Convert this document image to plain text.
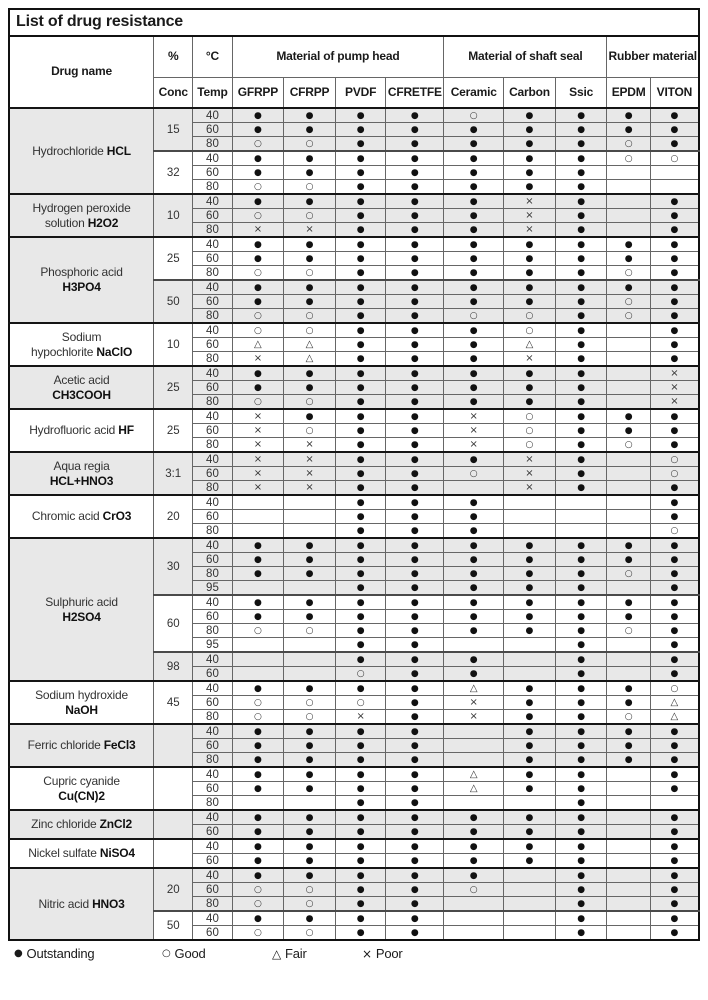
List of drug resistance											
Drug name	%	°C	Material of pump head				Material of shaft seal			Rubber material	
	Conc	Temp	GFRPP	CFRPP	PVDF	CFRETFE	Ceramic	Carbon	Ssic	EPDM	VITON
Hydrochloride HCL	15	40	●	●	●	●	○	●	●	●	●
		60	●	●	●	●	●	●	●	●	●
		80	○	○	●	●	●	●	●	○	●
	32	40	●	●	●	●	●	●	●	○	○
		60	●	●	●	●	●	●	●		
		80	○	○	●	●	●	●	●		
Hydrogen peroxide
solution H2O2	10	40	●	●	●	●	●	×	●		●
		60	○	○	●	●	●	×	●		●
		80	×	×	●	●	●	×	●		●
Phosphoric acid
H3PO4	25	40	●	●	●	●	●	●	●	●	●
		60	●	●	●	●	●	●	●	●	●
		80	○	○	●	●	●	●	●	○	●
	50	40	●	●	●	●	●	●	●	●	●
		60	●	●	●	●	●	●	●	○	●
		80	○	○	●	●	○	○	●	○	●
Sodium
hypochlorite NaClO	10	40	○	○	●	●	●	○	●		●
		60	△	△	●	●	●	△	●		●
		80	×	△	●	●	●	×	●		●
Acetic acid
CH3COOH	25	40	●	●	●	●	●	●	●		×
		60	●	●	●	●	●	●	●		×
		80	○	○	●	●	●	●	●		×
Hydrofluoric acid HF	25	40	×	●	●	●	×	○	●	●	●
		60	×	○	●	●	×	○	●	●	●
		80	×	×	●	●	×	○	●	○	●
Aqua regia
HCL+HNO3	3:1	40	×	×	●	●	●	×	●		○
		60	×	×	●	●	○	×	●		○
		80	×	×	●	●		×	●		●
Chromic acid CrO3	20	40			●	●	●				●
		60			●	●	●				●
		80			●	●	●				○
Sulphuric acid
H2SO4	30	40	●	●	●	●	●	●	●	●	●
		60	●	●	●	●	●	●	●	●	●
		80	●	●	●	●	●	●	●	○	●
		95			●	●	●	●	●		●
	60	40	●	●	●	●	●	●	●	●	●
		60	●	●	●	●	●	●	●	●	●
		80	○	○	●	●	●	●	●	○	●
		95			●	●			●		●
	98	40			●	●	●		●		●
		60			○	●	●		●		●
Sodium hydroxide
NaOH	45	40	●	●	●	●	△	●	●	●	○
		60	○	○	○	●	×	●	●	●	△
		80	○	○	×	●	×	●	●	○	△
Ferric chloride FeCl3		40	●	●	●	●		●	●	●	●
		60	●	●	●	●		●	●	●	●
		80	●	●	●	●		●	●	●	●
Cupric cyanide
Cu(CN)2		40	●	●	●	●	△	●	●		●
		60	●	●	●	●	△	●	●		●
		80			●	●			●		
Zinc chloride ZnCl2		40	●	●	●	●	●	●	●		●
		60	●	●	●	●	●	●	●		●
Nickel sulfate NiSO4		40	●	●	●	●	●	●	●		●
		60	●	●	●	●	●	●	●		●
Nitric acid HNO3	20	40	●	●	●	●	●		●		●
		60	○	○	●	●	○		●		●
		80	○	○	●	●			●		●
	50	40	●	●	●	●			●		●
		60	○	○	●	●			●		●
● Outstanding	○ Good	△ Fair	× Poor
